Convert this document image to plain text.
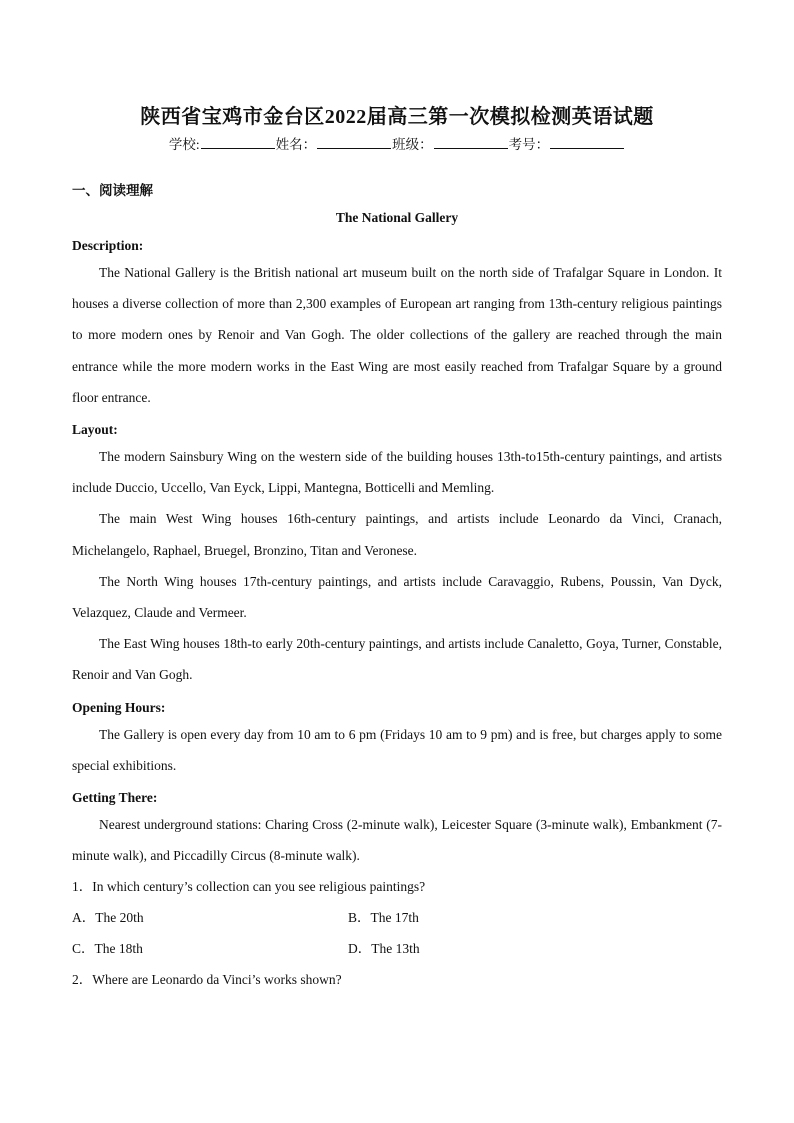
陕西省宝鸡市金台区2022届高三第一次模拟检测英语试题
学校:	姓名：	班级：	考号：
一、阅读理解
The National Gallery
Description:

The National Gallery is the British national art museum built on the north side of Trafalgar Square in London. It houses a diverse collection of more than 2,300 examples of European art ranging from 13th-century religious paintings to more modern ones by Renoir and Van Gogh. The older collections of the gallery are reached through the main entrance while the more modern works in the East Wing are most easily reached from Trafalgar Square by a ground floor entrance.

Layout:

The modern Sainsbury Wing on the western side of the building houses 13th-to15th-century paintings, and artists include Duccio, Uccello, Van Eyck, Lippi, Mantegna, Botticelli and Memling.

The main West Wing houses 16th-century paintings, and artists include Leonardo da Vinci, Cranach, Michelangelo, Raphael, Bruegel, Bronzino, Titan and Veronese.

The North Wing houses 17th-century paintings, and artists include Caravaggio, Rubens, Poussin, Van Dyck, Velazquez, Claude and Vermeer.

The East Wing houses 18th-to early 20th-century paintings, and artists include Canaletto, Goya, Turner, Constable, Renoir and Van Gogh.

Opening Hours:

The Gallery is open every day from 10 am to 6 pm (Fridays 10 am to 9 pm) and is free, but charges apply to some special exhibitions.

Getting There:

Nearest underground stations: Charing Cross (2-minute walk), Leicester Square (3-minute walk), Embankment (7-minute walk), and Piccadilly Circus (8-minute walk).

1．In which century’s collection can you see religious paintings?

A．The 20th	B．The 17th
C．The 18th	D．The 13th

2．Where are Leonardo da Vinci’s works shown?
